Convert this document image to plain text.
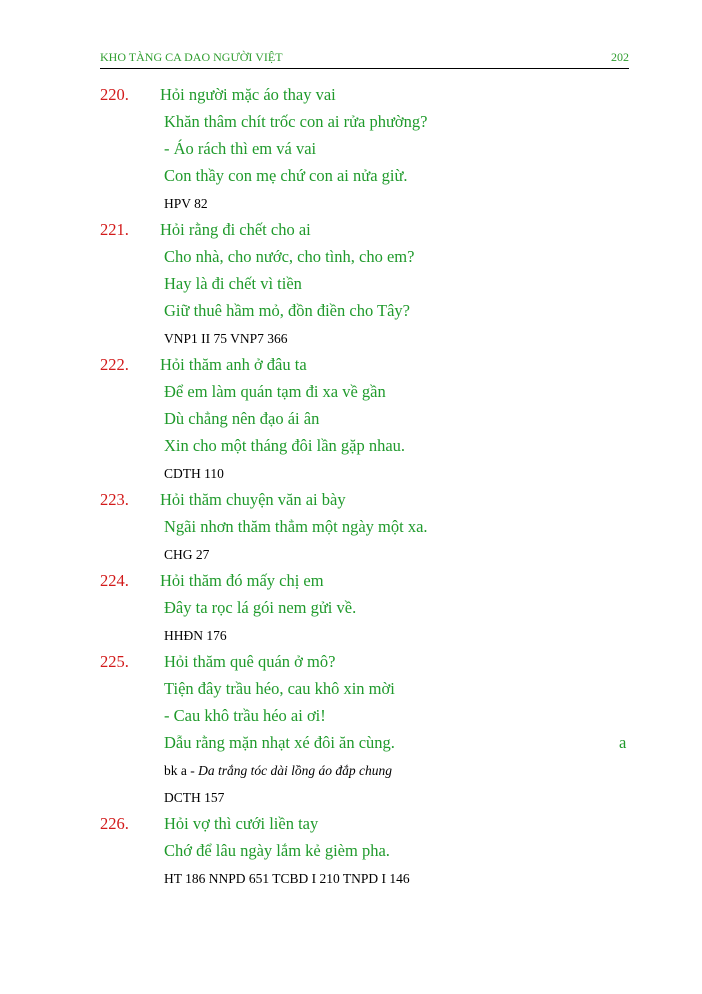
KHO TÀNG CA DAO NGƯỜI VIỆT	202
220. Hỏi người mặc áo thay vai
Khăn thâm chít trốc con ai rửa phường?
- Áo rách thì em vá vai
Con thầy con mẹ chứ con ai nửa giừ.
HPV 82
221. Hỏi rằng đi chết cho ai
Cho nhà, cho nước, cho tình, cho em?
Hay là đi chết vì tiền
Giữ thuê hầm mỏ, đồn điền cho Tây?
VNP1 II 75 VNP7 366
222. Hỏi thăm anh ở đâu ta
Để em làm quán tạm đi xa về gần
Dù chẳng nên đạo ái ân
Xin cho một tháng đôi lần gặp nhau.
CDTH 110
223. Hỏi thăm chuyện văn ai bày
Ngãi nhơn thăm thẳm một ngày một xa.
CHG 27
224. Hỏi thăm đó mấy chị em
Đây ta rọc lá gói nem gửi về.
HHĐN 176
225. Hỏi thăm quê quán ở mô?
Tiện đây trầu héo, cau khô xin mời
- Cau khô trầu héo ai ơi!
Dẫu rằng mặn nhạt xé đôi ăn cùng.	a
bk a - Da trắng tóc dài lồng áo đắp chung
DCTH 157
226. Hỏi vợ thì cưới liền tay
Chớ để lâu ngày lắm kẻ gièm pha.
HT 186 NNPD 651 TCBD I 210 TNPD I 146
